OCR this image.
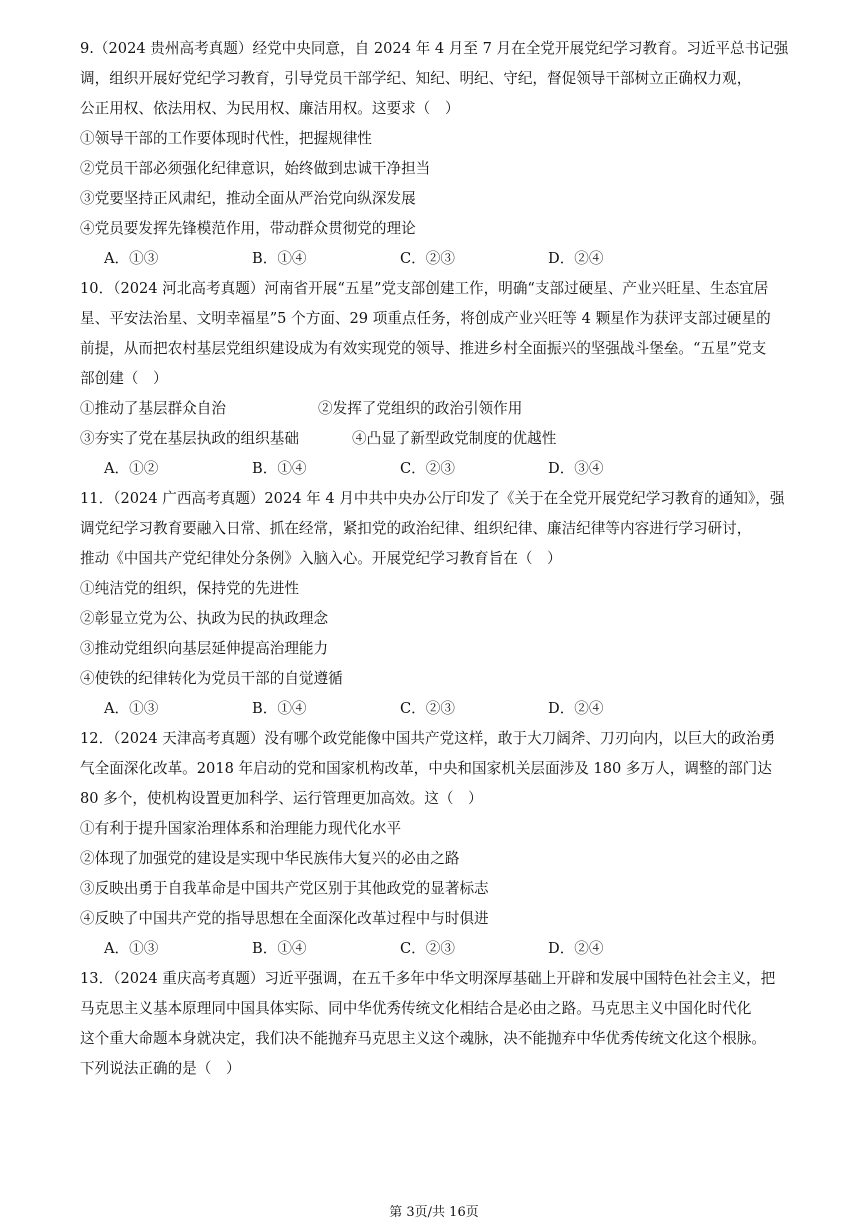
9.（2024 贵州高考真题）经党中央同意，自 2024 年 4 月至 7 月在全党开展党纪学习教育。习近平总书记强
调，组织开展好党纪学习教育，引导党员干部学纪、知纪、明纪、守纪，督促领导干部树立正确权力观，
公正用权、依法用权、为民用权、廉洁用权。这要求（　）
①领导干部的工作要体现时代性，把握规律性
②党员干部必须强化纪律意识，始终做到忠诚干净担当
③党要坚持正风肃纪，推动全面从严治党向纵深发展
④党员要发挥先锋模范作用，带动群众贯彻党的理论
A．①③	B．①④	C．②③	D．②④
10．（2024 河北高考真题）河南省开展“五星”党支部创建工作，明确“支部过硬星、产业兴旺星、生态宜居
星、平安法治星、文明幸福星”5 个方面、29 项重点任务，将创成产业兴旺等 4 颗星作为获评支部过硬星的
前提，从而把农村基层党组织建设成为有效实现党的领导、推进乡村全面振兴的坚强战斗堡垒。“五星”党支
部创建（　）
①推动了基层群众自治	②发挥了党组织的政治引领作用
③夯实了党在基层执政的组织基础	④凸显了新型政党制度的优越性
A．①②	B．①④	C．②③	D．③④
11．（2024 广西高考真题）2024 年 4 月中共中央办公厅印发了《关于在全党开展党纪学习教育的通知》，强
调党纪学习教育要融入日常、抓在经常，紧扣党的政治纪律、组织纪律、廉洁纪律等内容进行学习研讨，
推动《中国共产党纪律处分条例》入脑入心。开展党纪学习教育旨在（　）
①纯洁党的组织，保持党的先进性
②彰显立党为公、执政为民的执政理念
③推动党组织向基层延伸提高治理能力
④使铁的纪律转化为党员干部的自觉遵循
A．①③	B．①④	C．②③	D．②④
12．（2024 天津高考真题）没有哪个政党能像中国共产党这样，敢于大刀阔斧、刀刃向内，以巨大的政治勇
气全面深化改革。2018 年启动的党和国家机构改革，中央和国家机关层面涉及 180 多万人，调整的部门达
80 多个，使机构设置更加科学、运行管理更加高效。这（　）
①有利于提升国家治理体系和治理能力现代化水平
②体现了加强党的建设是实现中华民族伟大复兴的必由之路
③反映出勇于自我革命是中国共产党区别于其他政党的显著标志
④反映了中国共产党的指导思想在全面深化改革过程中与时俱进
A．①③	B．①④	C．②③	D．②④
13．（2024 重庆高考真题）习近平强调，在五千多年中华文明深厚基础上开辟和发展中国特色社会主义，把
马克思主义基本原理同中国具体实际、同中华优秀传统文化相结合是必由之路。马克思主义中国化时代化
这个重大命题本身就决定，我们决不能抛弃马克思主义这个魂脉，决不能抛弃中华优秀传统文化这个根脉。
下列说法正确的是（　）
第 3页/共 16页
